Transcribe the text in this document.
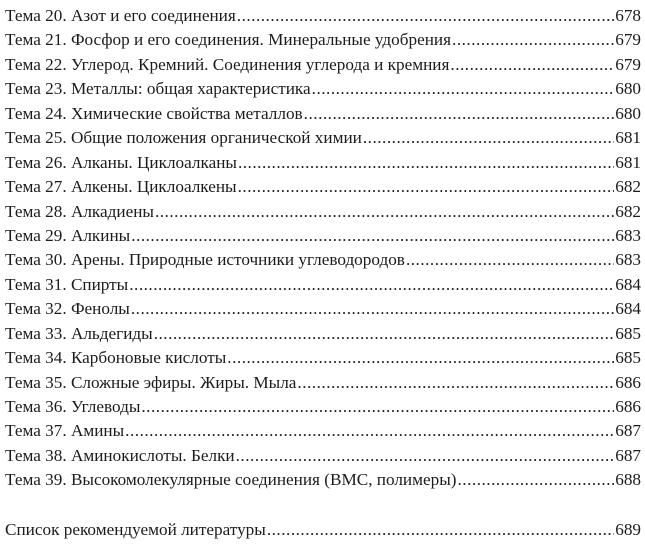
Тема 20. Азот и его соединения .....	678
Тема 21. Фосфор и его соединения. Минеральные удобрения .....	679
Тема 22. Углерод. Кремний. Соединения углерода и кремния .....	679
Тема 23. Металлы: общая характеристика .....	680
Тема 24. Химические свойства металлов .....	680
Тема 25. Общие положения органической химии .....	681
Тема 26. Алканы. Циклоалканы .....	681
Тема 27. Алкены. Циклоалкены .....	682
Тема 28. Алкадиены .....	682
Тема 29. Алкины .....	683
Тема 30. Арены. Природные источники углеводородов .....	683
Тема 31. Спирты .....	684
Тема 32. Фенолы .....	684
Тема 33. Альдегиды .....	685
Тема 34. Карбоновые кислоты .....	685
Тема 35. Сложные эфиры. Жиры. Мыла .....	686
Тема 36. Углеводы .....	686
Тема 37. Амины .....	687
Тема 38. Аминокислоты. Белки .....	687
Тема 39. Высокомолекулярные соединения (ВМС, полимеры) .....	688
Список рекомендуемой литературы .....	689
